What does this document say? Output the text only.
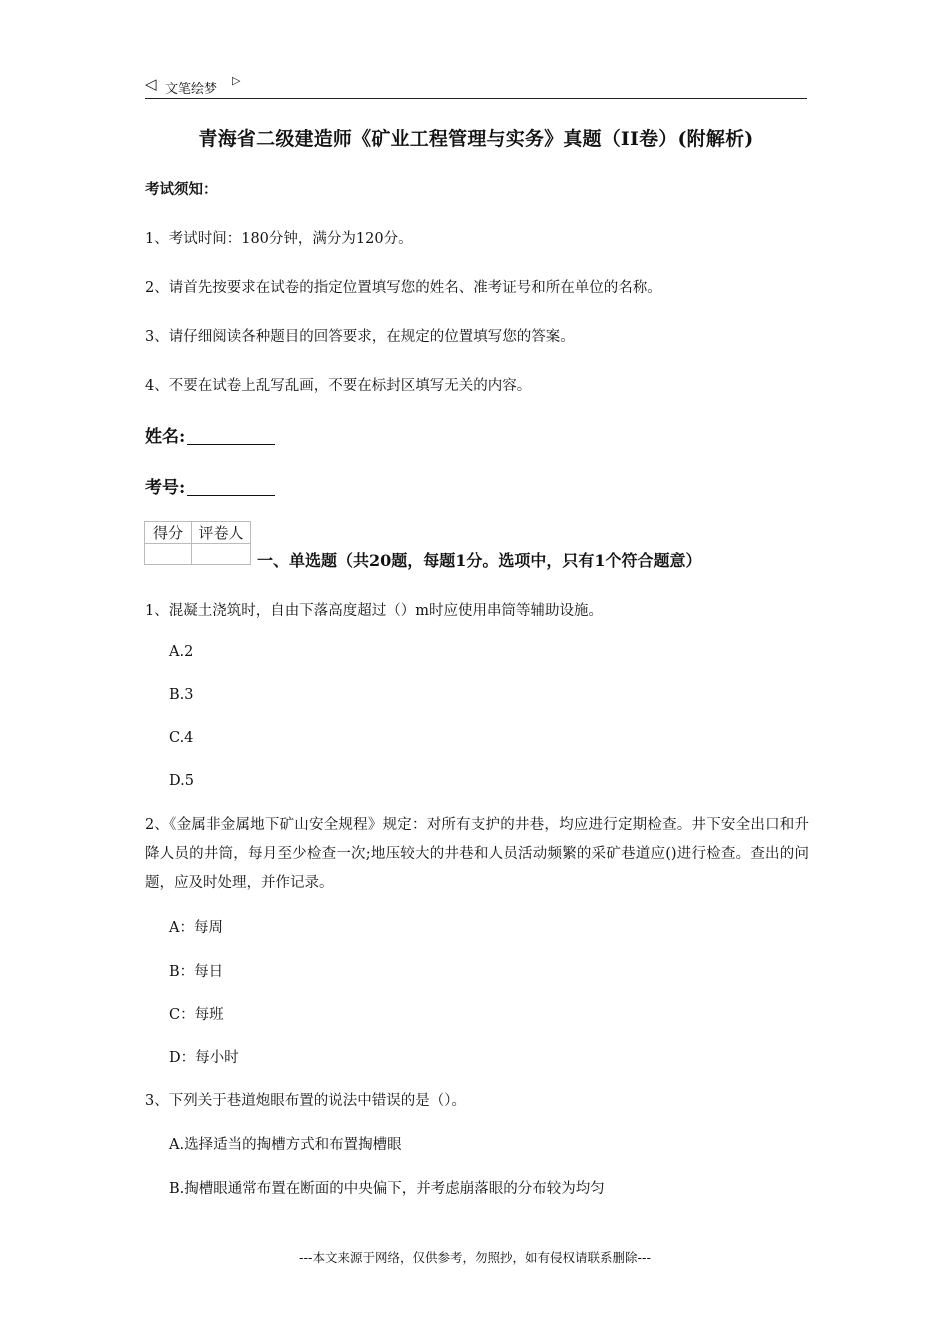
◁ 文笔绘梦
▷
青海省二级建造师《矿业工程管理与实务》真题（II卷）(附解析)
考试须知：
1、考试时间：180分钟，满分为120分。
2、请首先按要求在试卷的指定位置填写您的姓名、准考证号和所在单位的名称。
3、请仔细阅读各种题目的回答要求，在规定的位置填写您的答案。
4、不要在试卷上乱写乱画，不要在标封区填写无关的内容。
姓名:
考号:
得分	评卷人

一、单选题（共20题，每题1分。选项中，只有1个符合题意）
1、混凝土浇筑时，自由下落高度超过（）m时应使用串筒等辅助设施。
A.2
B.3
C.4
D.5
2、《金属非金属地下矿山安全规程》规定：对所有支护的井巷，均应进行定期检查。井下安全出口和升降人员的井筒，每月至少检查一次;地压较大的井巷和人员活动频繁的采矿巷道应()进行检查。查出的问题，应及时处理，并作记录。
A：每周
B：每日
C：每班
D：每小时
3、下列关于巷道炮眼布置的说法中错误的是（）。
A.选择适当的掏槽方式和布置掏槽眼
B.掏槽眼通常布置在断面的中央偏下，并考虑崩落眼的分布较为均匀
---本文来源于网络，仅供参考，勿照抄，如有侵权请联系删除---
